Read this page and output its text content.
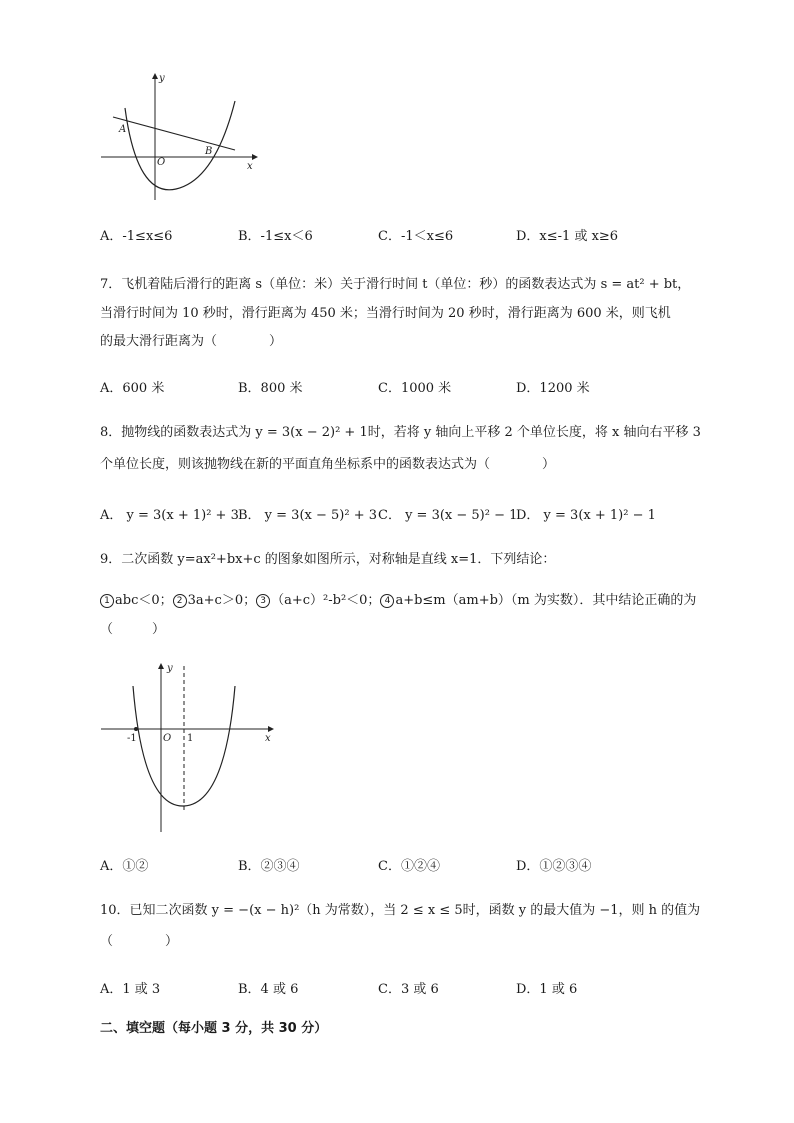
y
x
O
A
B
A．-1≤x≤6	B．-1≤x＜6	C．-1＜x≤6	D．x≤-1 或 x≥6
7．飞机着陆后滑行的距离 s（单位：米）关于滑行时间 t（单位：秒）的函数表达式为 s = at² + bt，
当滑行时间为 10 秒时，滑行距离为 450 米；当滑行时间为 20 秒时，滑行距离为 600 米，则飞机
的最大滑行距离为（　　　　）
A．600 米	B．800 米	C．1000 米	D．1200 米
8．抛物线的函数表达式为 y = 3(x − 2)² + 1时，若将 y 轴向上平移 2 个单位长度，将 x 轴向右平移 3
个单位长度，则该抛物线在新的平面直角坐标系中的函数表达式为（　　　　）
A． y = 3(x + 1)² + 3 B． y = 3(x − 5)² + 3 C． y = 3(x − 5)² − 1
D． y = 3(x + 1)² − 1
9．二次函数 y=ax²+bx+c 的图象如图所示，对称轴是直线 x=1．下列结论：
1 abc＜0； 2 3a+c＞0； 3 （a+c）²-b²＜0； 4 a+b≤m（am+b）（m 为实数）．其中结论正确的为
（　　　）
y
x
O
-1	1
A．①②	B．②③④	C．①②④	D．①②③④
10．已知二次函数 y = −(x − h)²（h 为常数），当 2 ≤ x ≤ 5时，函数 y 的最大值为 −1，则 h 的值为
（　　　　）
A．1 或 3	B．4 或 6	C．3 或 6	D．1 或 6
二、填空题（每小题 3 分，共 30 分）
